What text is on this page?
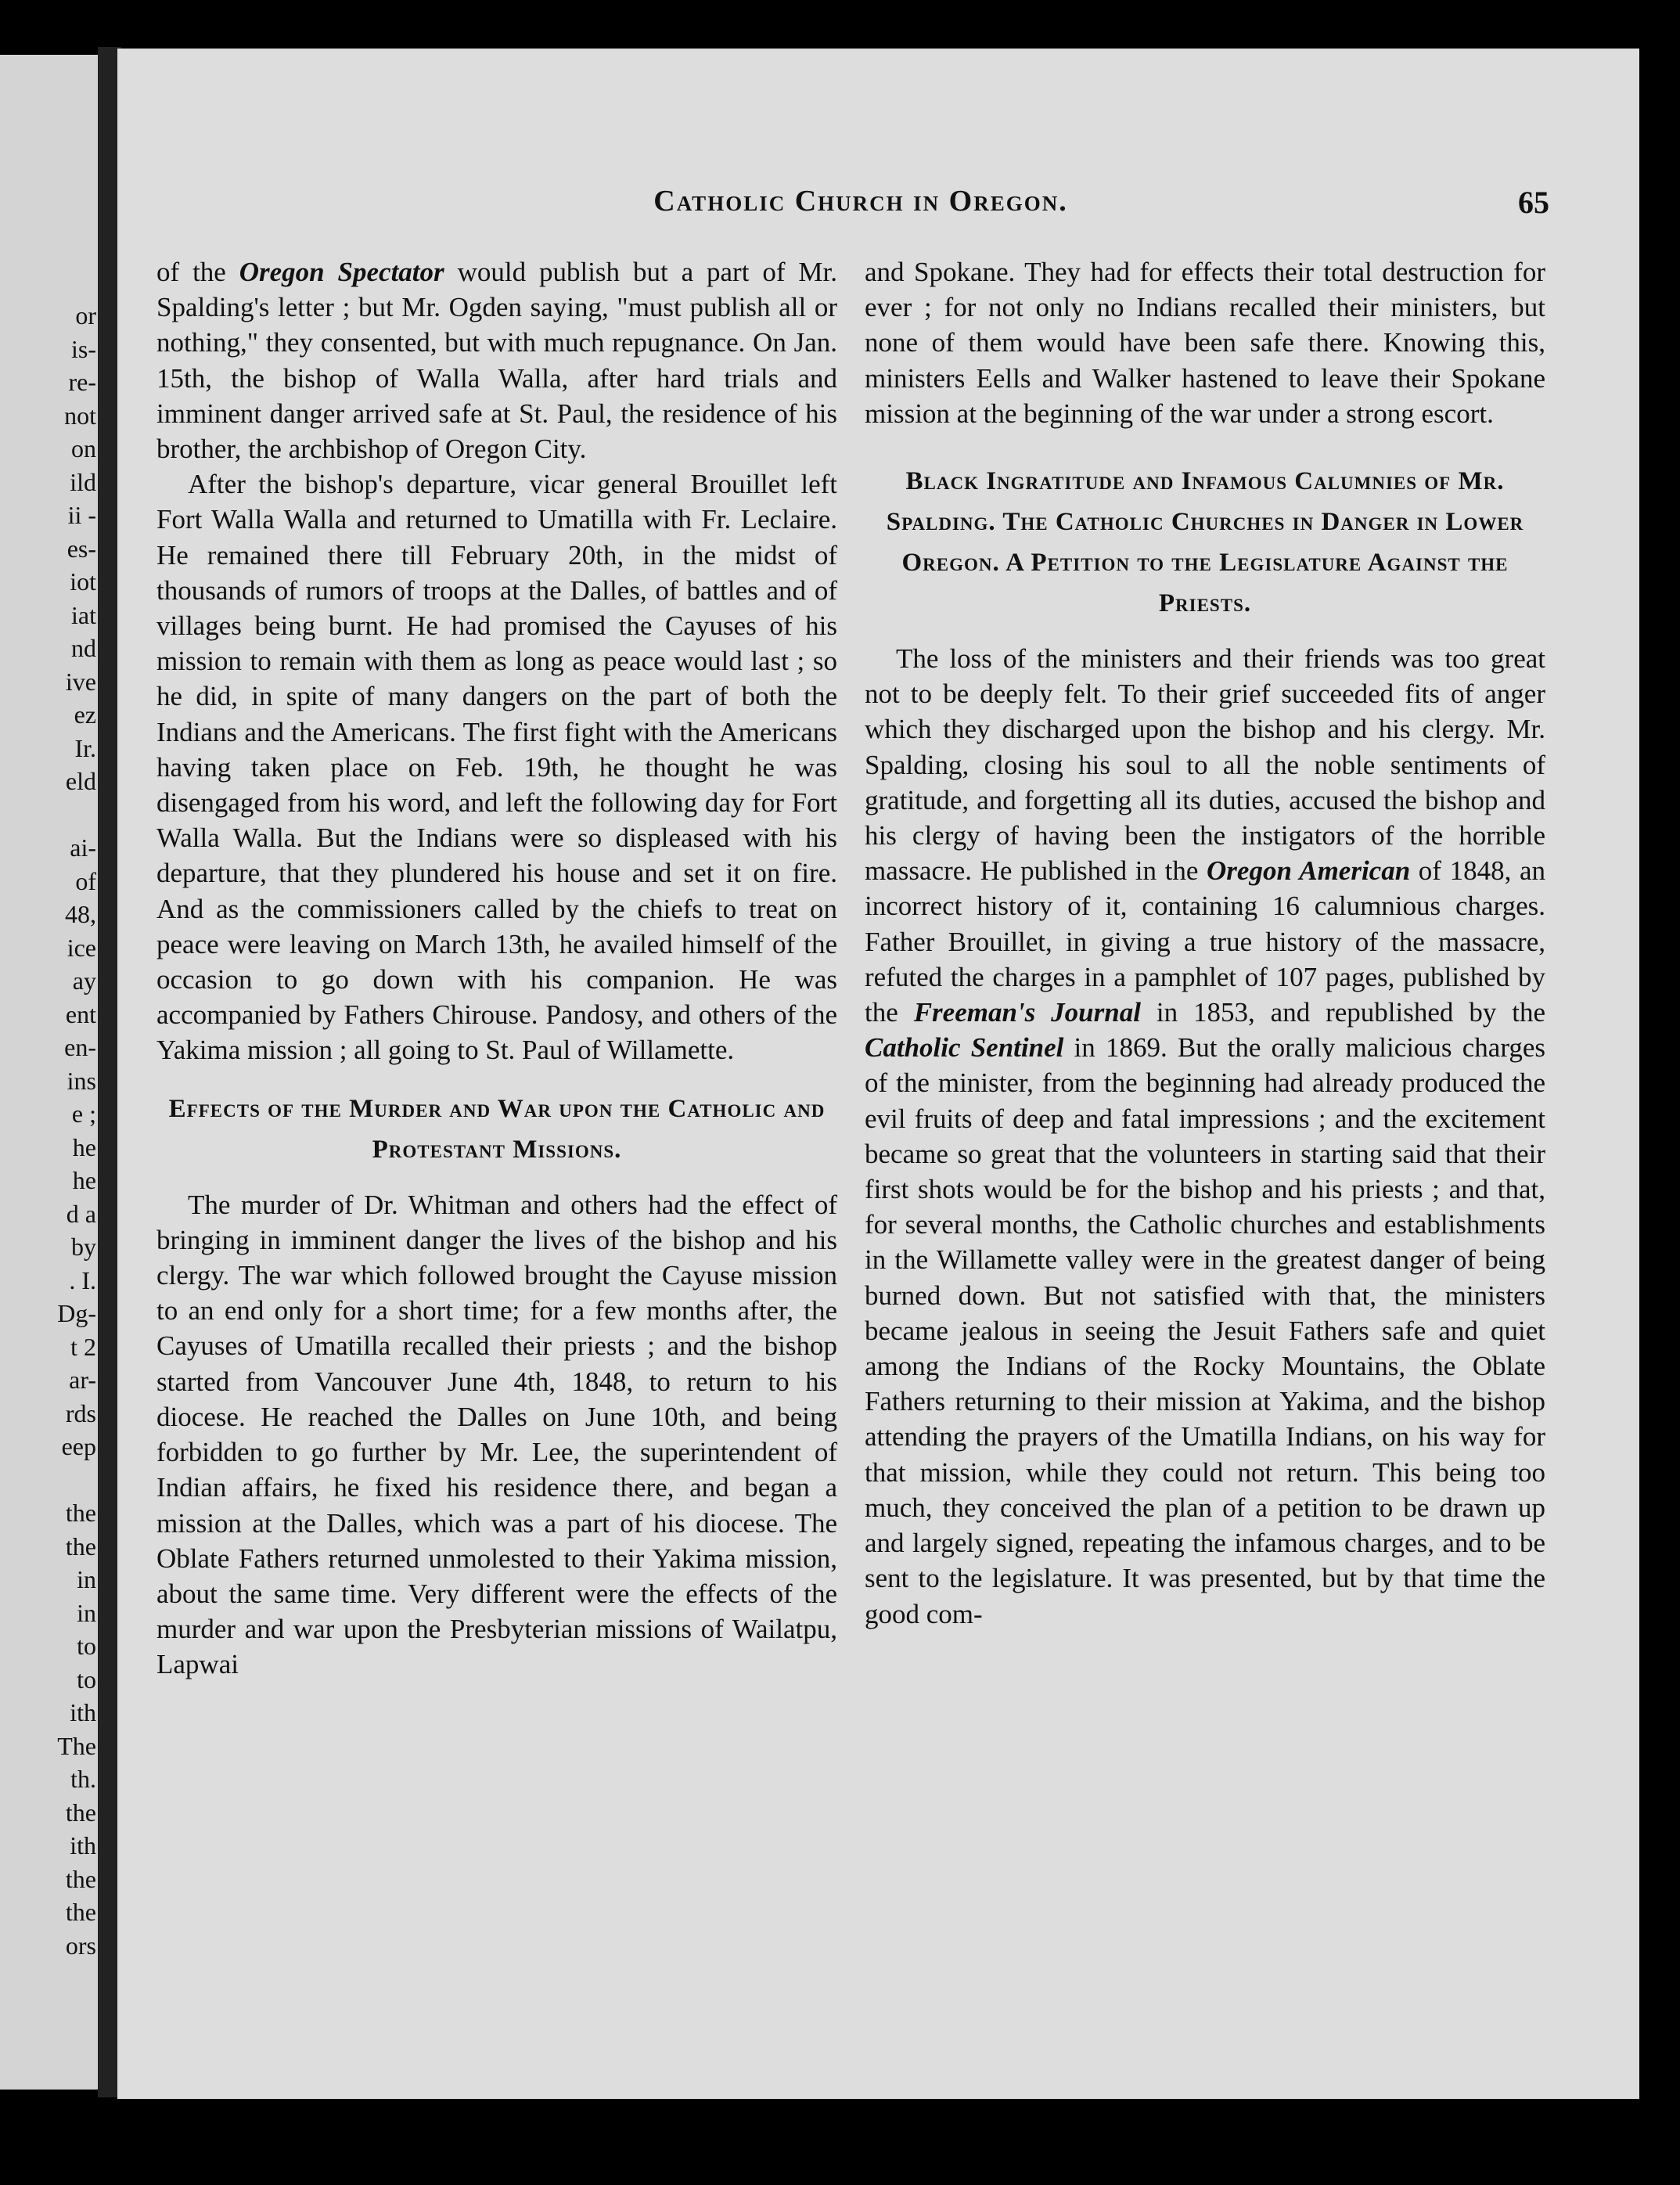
or
is-
re-
not
on
ild
ii -
es-
iot
iat
nd
ive
ez
Ir.
eld
ai-
of
48,
ice
ay
ent
en-
ins
e ;
he
he
d a
by
. I.
Dg-
t 2
ar-
rds
eep
the
the
in
in
to
to
ith
The
th.
the
ith
the
the
ors
Catholic Church in Oregon.	65

of the Oregon Spectator would publish but a part of Mr. Spalding's letter ; but Mr. Ogden saying, "must publish all or nothing," they consented, but with much repugnance. On Jan. 15th, the bishop of Walla Walla, after hard trials and imminent danger arrived safe at St. Paul, the residence of his brother, the archbishop of Oregon City.

After the bishop's departure, vicar general Brouillet left Fort Walla Walla and returned to Umatilla with Fr. Leclaire. He remained there till February 20th, in the midst of thousands of rumors of troops at the Dalles, of battles and of villages being burnt. He had promised the Cayuses of his mission to remain with them as long as peace would last ; so he did, in spite of many dangers on the part of both the Indians and the Americans. The first fight with the Americans having taken place on Feb. 19th, he thought he was disengaged from his word, and left the following day for Fort Walla Walla. But the Indians were so displeased with his departure, that they plundered his house and set it on fire. And as the commissioners called by the chiefs to treat on peace were leaving on March 13th, he availed himself of the occasion to go down with his companion. He was accompanied by Fathers Chirouse. Pandosy, and others of the Yakima mission ; all going to St. Paul of Willamette.

Effects of the Murder and War upon the Catholic and Protestant Missions.

The murder of Dr. Whitman and others had the effect of bringing in imminent danger the lives of the bishop and his clergy. The war which followed brought the Cayuse mission to an end only for a short time; for a few months after, the Cayuses of Umatilla recalled their priests ; and the bishop started from Vancouver June 4th, 1848, to return to his diocese. He reached the Dalles on June 10th, and being forbidden to go further by Mr. Lee, the superintendent of Indian affairs, he fixed his residence there, and began a mission at the Dalles, which was a part of his diocese. The Oblate Fathers returned unmolested to their Yakima mission, about the same time. Very different were the effects of the murder and war upon the Presbyterian missions of Wailatpu, Lapwai

and Spokane. They had for effects their total destruction for ever ; for not only no Indians recalled their ministers, but none of them would have been safe there. Knowing this, ministers Eells and Walker hastened to leave their Spokane mission at the beginning of the war under a strong escort.

Black Ingratitude and Infamous Calumnies of Mr. Spalding. The Catholic Churches in Danger in Lower Oregon. A Petition to the Legislature Against the Priests.

The loss of the ministers and their friends was too great not to be deeply felt. To their grief succeeded fits of anger which they discharged upon the bishop and his clergy. Mr. Spalding, closing his soul to all the noble sentiments of gratitude, and forgetting all its duties, accused the bishop and his clergy of having been the instigators of the horrible massacre. He published in the Oregon American of 1848, an incorrect history of it, containing 16 calumnious charges. Father Brouillet, in giving a true history of the massacre, refuted the charges in a pamphlet of 107 pages, published by the Freeman's Journal in 1853, and republished by the Catholic Sentinel in 1869. But the orally malicious charges of the minister, from the beginning had already produced the evil fruits of deep and fatal impressions ; and the excitement became so great that the volunteers in starting said that their first shots would be for the bishop and his priests ; and that, for several months, the Catholic churches and establishments in the Willamette valley were in the greatest danger of being burned down. But not satisfied with that, the ministers became jealous in seeing the Jesuit Fathers safe and quiet among the Indians of the Rocky Mountains, the Oblate Fathers returning to their mission at Yakima, and the bishop attending the prayers of the Umatilla Indians, on his way for that mission, while they could not return. This being too much, they conceived the plan of a petition to be drawn up and largely signed, repeating the infamous charges, and to be sent to the legislature. It was presented, but by that time the good com-
